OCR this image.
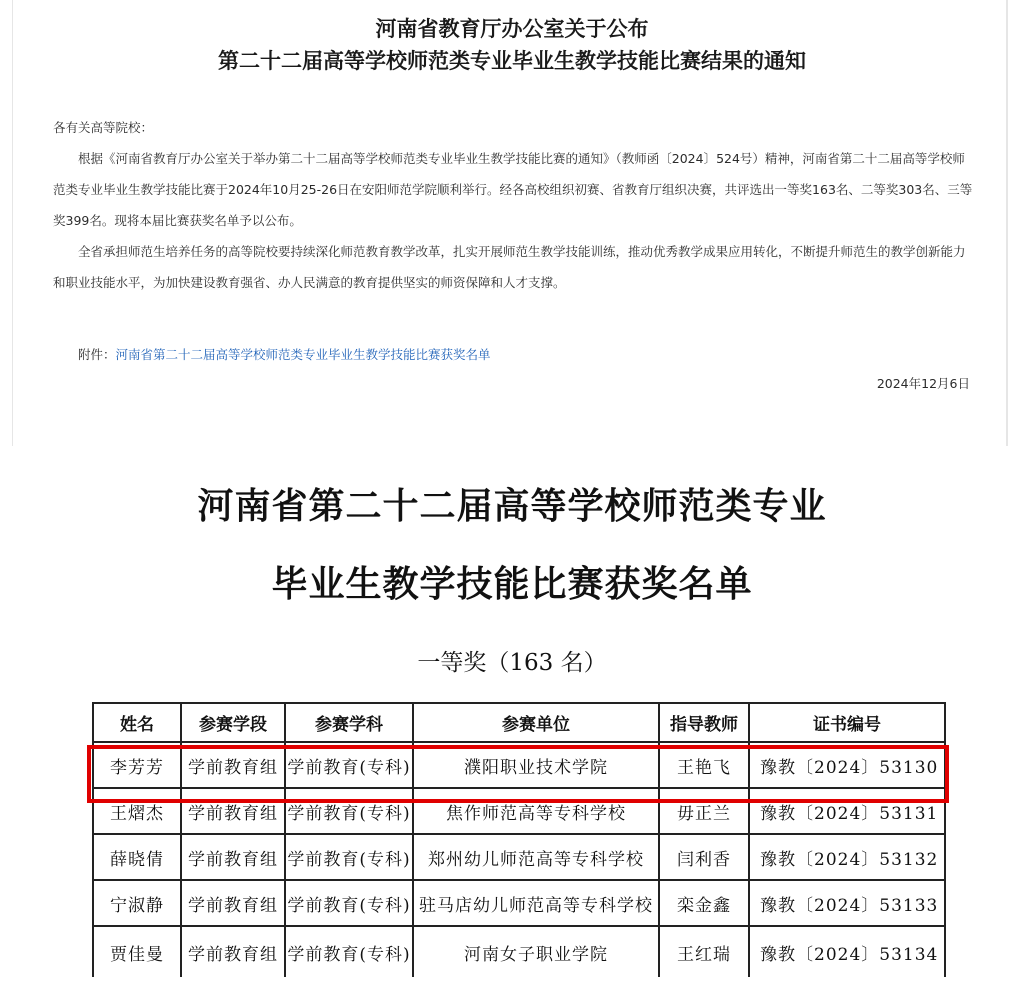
河南省教育厅办公室关于公布
第二十二届高等学校师范类专业毕业生教学技能比赛结果的通知

各有关高等院校：

根据《河南省教育厅办公室关于举办第二十二届高等学校师范类专业毕业生教学技能比赛的通知》（教师函〔2024〕524号）精神，河南省第二十二届高等学校师范类专业毕业生教学技能比赛于2024年10月25-26日在安阳师范学院顺利举行。经各高校组织初赛、省教育厅组织决赛，共评选出一等奖163名、二等奖303名、三等奖399名。现将本届比赛获奖名单予以公布。

全省承担师范生培养任务的高等院校要持续深化师范教育教学改革，扎实开展师范生教学技能训练，推动优秀教学成果应用转化，不断提升师范生的教学创新能力和职业技能水平，为加快建设教育强省、办人民满意的教育提供坚实的师资保障和人才支撑。

附件：河南省第二十二届高等学校师范类专业毕业生教学技能比赛获奖名单

2024年12月6日
河南省第二十二届高等学校师范类专业
毕业生教学技能比赛获奖名单
一等奖（163 名）
姓名	参赛学段	参赛学科	参赛单位	指导教师	证书编号
李芳芳	学前教育组	学前教育(专科)	濮阳职业技术学院	王艳飞	豫教〔2024〕53130
王熠杰	学前教育组	学前教育(专科)	焦作师范高等专科学校	毋正兰	豫教〔2024〕53131
薛晓倩	学前教育组	学前教育(专科)	郑州幼儿师范高等专科学校	闫利香	豫教〔2024〕53132
宁淑静	学前教育组	学前教育(专科)	驻马店幼儿师范高等专科学校	栾金鑫	豫教〔2024〕53133
贾佳曼	学前教育组	学前教育(专科)	河南女子职业学院	王红瑞	豫教〔2024〕53134
